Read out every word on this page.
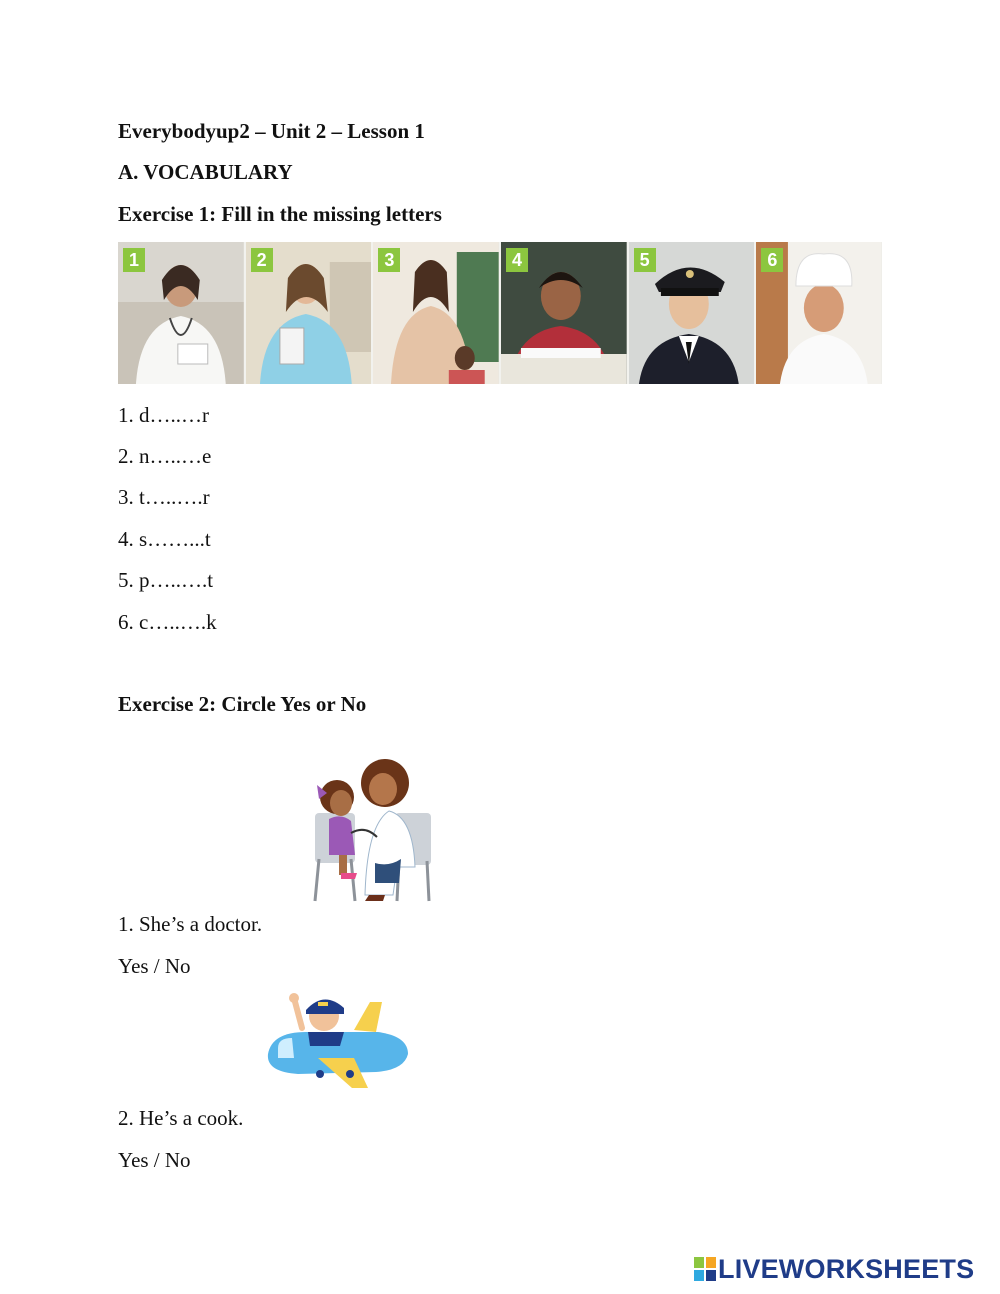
Everybodyup2 – Unit 2 – Lesson 1
A. VOCABULARY
Exercise 1: Fill in the missing letters
1	2	3	4	5	6
1. d…..…r
2. n…..…e
3. t…..….r
4. s……...t
5. p…..….t
6. c…..….k
Exercise 2: Circle Yes or No
1. She’s a doctor.
Yes / No
2. He’s a cook.
Yes / No
LIVEWORKSHEETS
